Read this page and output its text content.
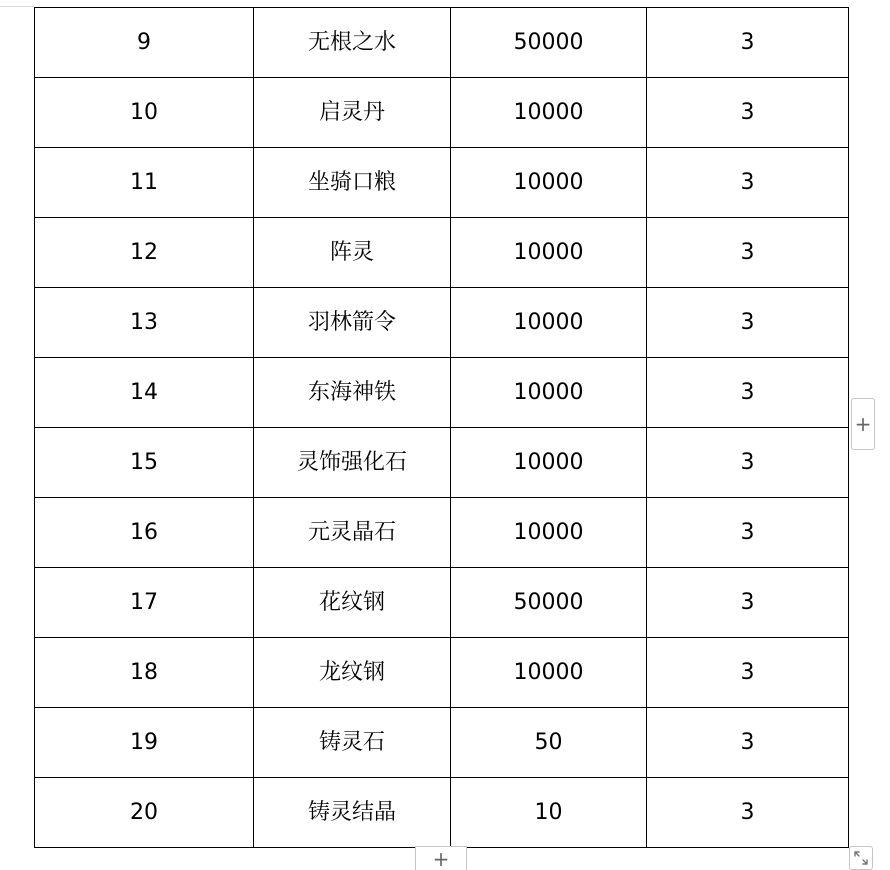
9	无根之水	50000	3
10	启灵丹	10000	3
11	坐骑口粮	10000	3
12	阵灵	10000	3
13	羽林箭令	10000	3
14	东海神铁	10000	3
15	灵饰强化石	10000	3
16	元灵晶石	10000	3
17	花纹钢	50000	3
18	龙纹钢	10000	3
19	铸灵石	50	3
20	铸灵结晶	10	3
+
+
